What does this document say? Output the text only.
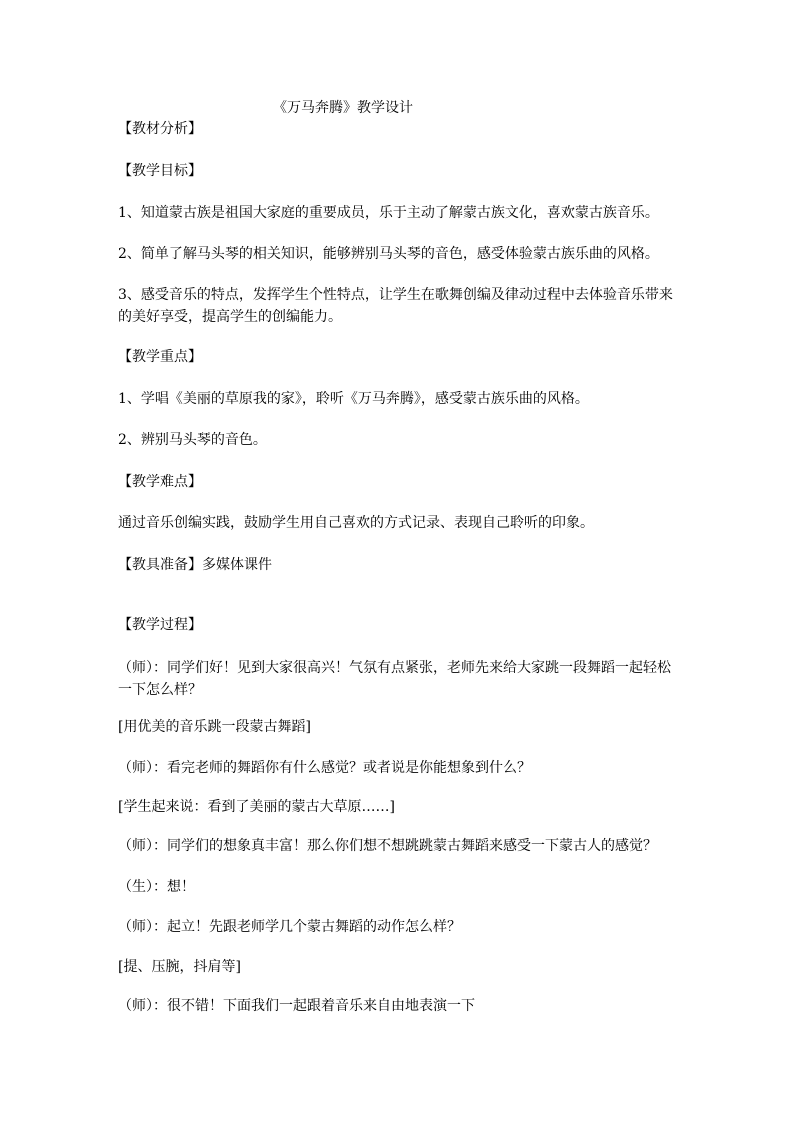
《万马奔腾》教学设计
【教材分析】
【教学目标】
1、知道蒙古族是祖国大家庭的重要成员，乐于主动了解蒙古族文化，喜欢蒙古族音乐。
2、简单了解马头琴的相关知识，能够辨别马头琴的音色，感受体验蒙古族乐曲的风格。
3、感受音乐的特点，发挥学生个性特点，让学生在歌舞创编及律动过程中去体验音乐带来的美好享受，提高学生的创编能力。
【教学重点】
1、学唱《美丽的草原我的家》，聆听《万马奔腾》，感受蒙古族乐曲的风格。
2、辨别马头琴的音色。
【教学难点】
通过音乐创编实践，鼓励学生用自己喜欢的方式记录、表现自己聆听的印象。
【教具准备】多媒体课件
【教学过程】
（师）：同学们好！见到大家很高兴！气氛有点紧张，老师先来给大家跳一段舞蹈一起轻松一下怎么样？
[用优美的音乐跳一段蒙古舞蹈]
（师）：看完老师的舞蹈你有什么感觉？或者说是你能想象到什么？
[学生起来说：看到了美丽的蒙古大草原……]
（师）：同学们的想象真丰富！那么你们想不想跳跳蒙古舞蹈来感受一下蒙古人的感觉？
（生）：想！
（师）：起立！先跟老师学几个蒙古舞蹈的动作怎么样？
[提、压腕，抖肩等]
（师）：很不错！下面我们一起跟着音乐来自由地表演一下
